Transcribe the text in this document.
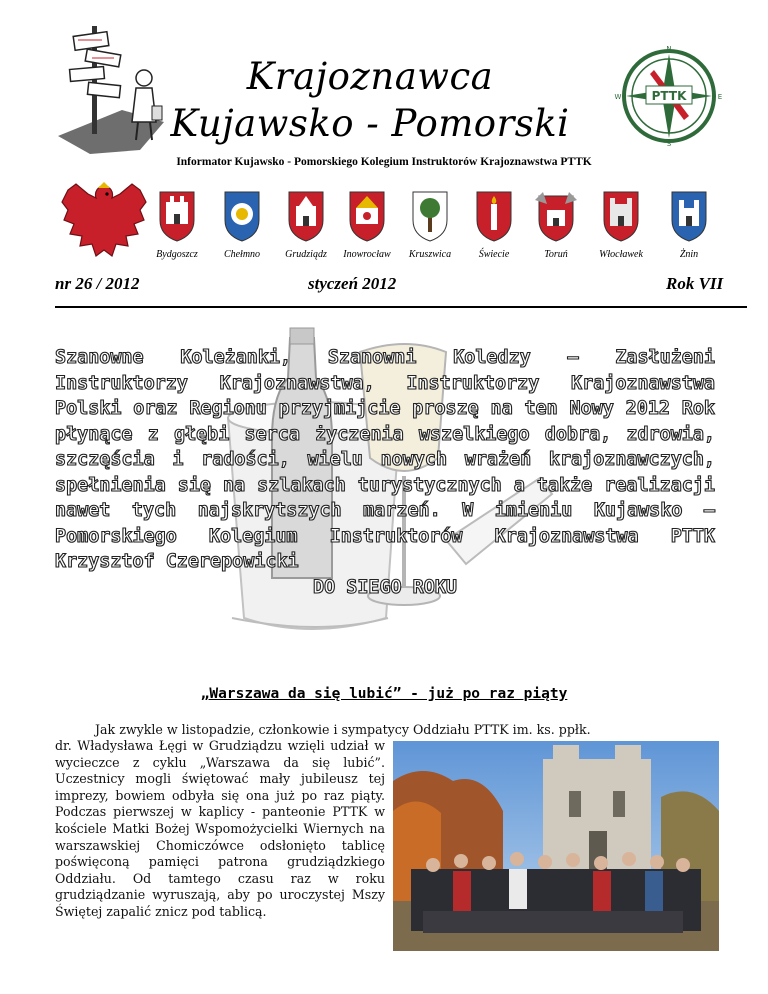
Krajoznawca
Kujawsko - Pomorski
N
S
W	E
PTTK
Informator Kujawsko - Pomorskiego Kolegium Instruktorów Krajoznawstwa PTTK
Bydgoszcz	Chełmno	Grudziądz	Inowrocław	Kruszwica	Świecie	Toruń	Włocławek	Żnin
nr 26 / 2012	styczeń 2012	Rok VII
Szanowne Koleżanki, Szanowni Koledzy – Zasłużeni Instruktorzy Krajoznawstwa, Instruktorzy Krajoznawstwa Polski oraz Regionu przyjmijcie proszę na ten Nowy 2012 Rok płynące z głębi serca życzenia wszelkiego dobra, zdrowia, szczęścia i radości, wielu nowych wrażeń krajoznawczych, spełnienia się na szlakach turystycznych a także realizacji nawet tych najskrytszych marzeń. W imieniu Kujawsko – Pomorskiego Kolegium Instruktorów Krajoznawstwa PTTK Krzysztof Czerepowicki
DO SIEGO ROKU
„Warszawa da się lubić” - już po raz piąty
Jak zwykle w listopadzie, członkowie i sympatycy Oddziału PTTK im. ks. ppłk.
dr. Władysława Łęgi w Grudziądzu wzięli udział w wycieczce z cyklu „Warszawa da się lubić”. Uczestnicy mogli świętować mały jubileusz tej imprezy, bowiem odbyła się ona już po raz piąty. Podczas pierwszej w kaplicy - panteonie PTTK w kościele Matki Bożej Wspomożycielki Wiernych na warszawskiej Chomiczówce odsłonięto tablicę poświęconą pamięci patrona grudziądzkiego Oddziału. Od tamtego czasu raz w roku grudziądzanie wyruszają, aby po uroczystej Mszy Świętej zapalić znicz pod tablicą.
